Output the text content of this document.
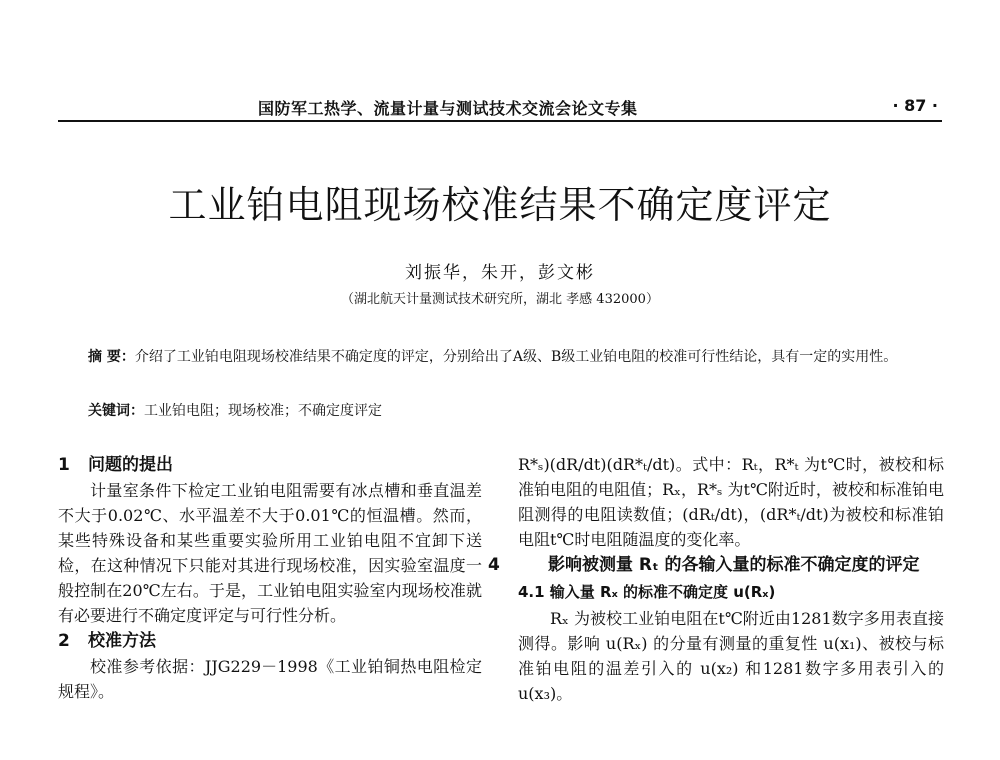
国防军工热学、流量计量与测试技术交流会论文专集	· 87 ·
工业铂电阻现场校准结果不确定度评定
刘振华，朱开，彭文彬
（湖北航天计量测试技术研究所，湖北 孝感 432000）
摘 要：介绍了工业铂电阻现场校准结果不确定度的评定，分别给出了A级、B级工业铂电阻的校准可行性结论，具有一定的实用性。
关键词：工业铂电阻；现场校准；不确定度评定
1 问题的提出

计量室条件下检定工业铂电阻需要有冰点槽和垂直温差不大于0.02℃、水平温差不大于0.01℃的恒温槽。然而，某些特殊设备和某些重要实验所用工业铂电阻不宜卸下送检，在这种情况下只能对其进行现场校准，因实验室温度一般控制在20℃左右。于是，工业铂电阻实验室内现场校准就有必要进行不确定度评定与可行性分析。

2 校准方法

校准参考依据：JJG229－1998《工业铂铜热电阻检定规程》。

R*ₛ)(dR/dt)(dR*ₜ/dt)。式中：Rₜ，R*ₜ 为t℃时，被校和标准铂电阻的电阻值；Rₓ，R*ₛ 为t℃附近时，被校和标准铂电阻测得的电阻读数值；(dRₜ/dt)，(dR*ₜ/dt)为被校和标准铂电阻t℃时电阻随温度的变化率。

4	影响被测量 Rₜ 的各输入量的标准不确定度的评定
4.1 输入量 Rₓ 的标准不确定度 u(Rₓ)

Rₓ 为被校工业铂电阻在t℃附近由1281数字多用表直接测得。影响 u(Rₓ) 的分量有测量的重复性 u(x₁)、被校与标准铂电阻的温差引入的 u(x₂) 和1281数字多用表引入的 u(x₃)。
